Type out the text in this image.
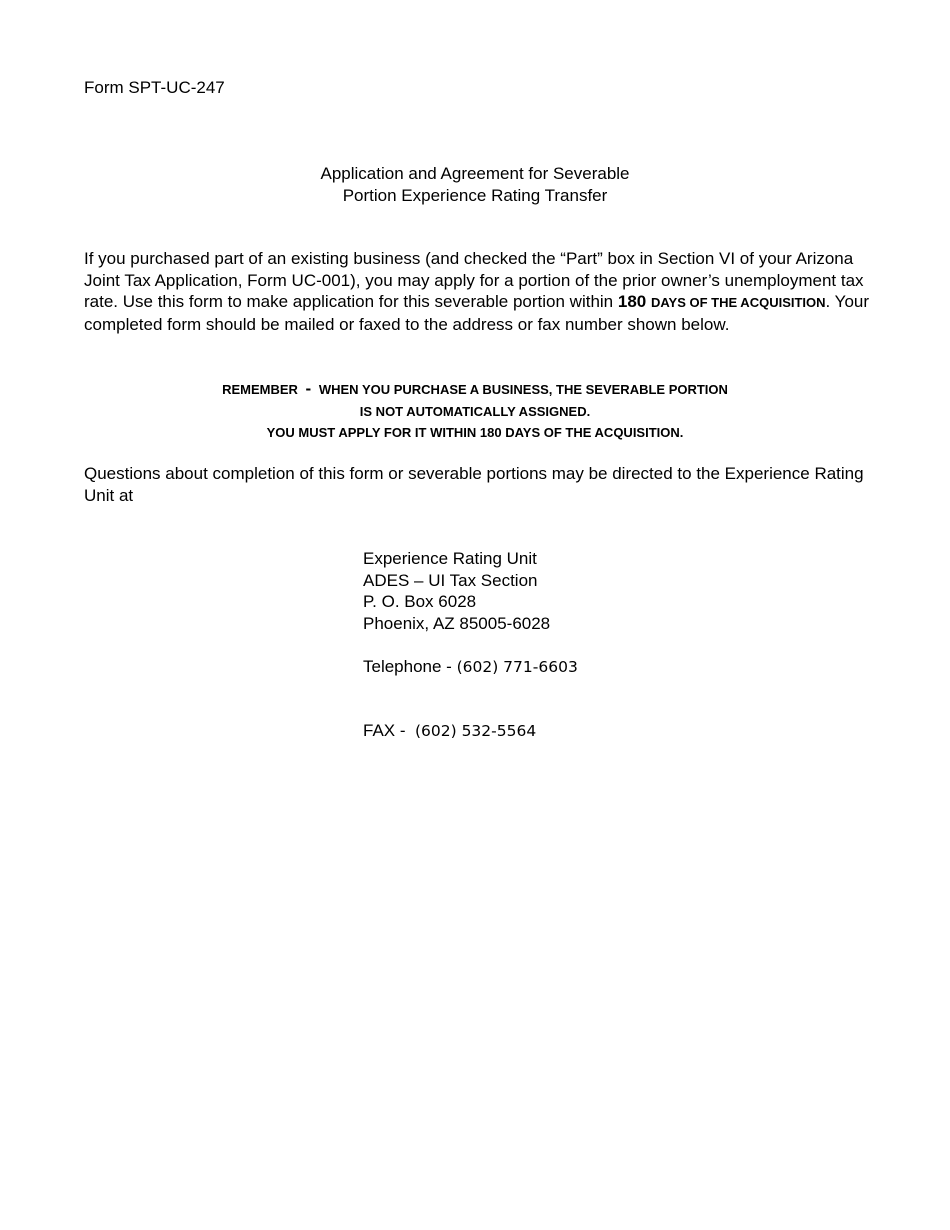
Form SPT-UC-247
Application and Agreement for Severable
Portion Experience Rating Transfer
If you purchased part of an existing business (and checked the “Part” box in Section VI of your Arizona Joint Tax Application, Form UC-001), you may apply for a portion of the prior owner’s unemployment tax rate. Use this form to make application for this severable portion within 180 DAYS OF THE ACQUISITION. Your completed form should be mailed or faxed to the address or fax number shown below.
REMEMBER - WHEN YOU PURCHASE A BUSINESS, THE SEVERABLE PORTION
IS NOT AUTOMATICALLY ASSIGNED.
YOU MUST APPLY FOR IT WITHIN 180 DAYS OF THE ACQUISITION.
Questions about completion of this form or severable portions may be directed to the Experience Rating Unit at
Experience Rating Unit
ADES – UI Tax Section
P. O. Box 6028
Phoenix, AZ 85005-6028
Telephone - (602) 771-6603
FAX - (602) 532-5564
